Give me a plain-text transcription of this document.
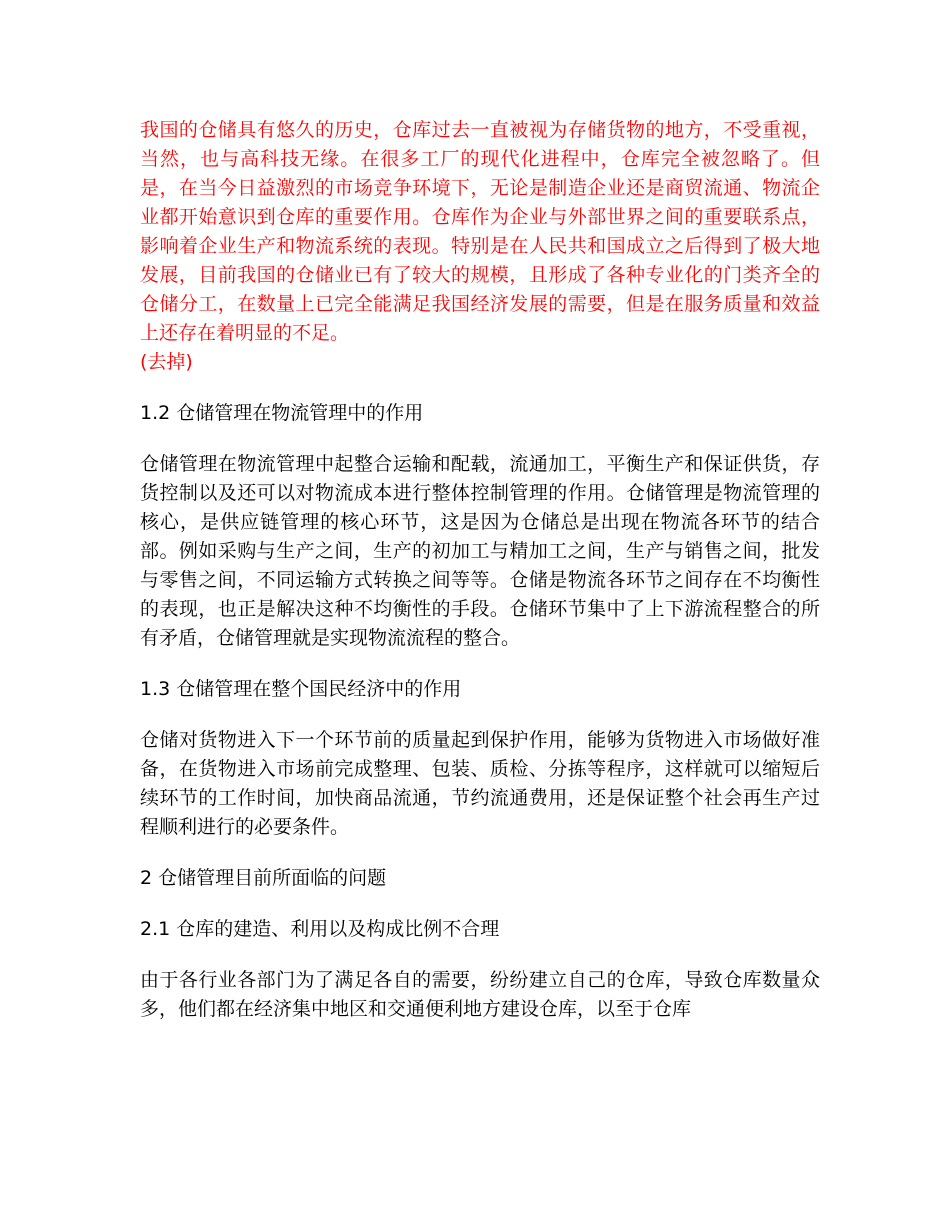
我国的仓储具有悠久的历史，仓库过去一直被视为存储货物的地方，不受重视，当然，也与高科技无缘。在很多工厂的现代化进程中，仓库完全被忽略了。但是，在当今日益激烈的市场竞争环境下，无论是制造企业还是商贸流通、物流企业都开始意识到仓库的重要作用。仓库作为企业与外部世界之间的重要联系点，影响着企业生产和物流系统的表现。特别是在人民共和国成立之后得到了极大地发展，目前我国的仓储业已有了较大的规模，且形成了各种专业化的门类齐全的仓储分工，在数量上已完全能满足我国经济发展的需要，但是在服务质量和效益上还存在着明显的不足。

(去掉)

1.2 仓储管理在物流管理中的作用

仓储管理在物流管理中起整合运输和配载，流通加工，平衡生产和保证供货，存货控制以及还可以对物流成本进行整体控制管理的作用。仓储管理是物流管理的核心，是供应链管理的核心环节，这是因为仓储总是出现在物流各环节的结合部。例如采购与生产之间，生产的初加工与精加工之间，生产与销售之间，批发与零售之间，不同运输方式转换之间等等。仓储是物流各环节之间存在不均衡性的表现，也正是解决这种不均衡性的手段。仓储环节集中了上下游流程整合的所有矛盾，仓储管理就是实现物流流程的整合。

1.3 仓储管理在整个国民经济中的作用

仓储对货物进入下一个环节前的质量起到保护作用，能够为货物进入市场做好准备，在货物进入市场前完成整理、包装、质检、分拣等程序，这样就可以缩短后续环节的工作时间，加快商品流通，节约流通费用，还是保证整个社会再生产过程顺利进行的必要条件。

2 仓储管理目前所面临的问题

2.1 仓库的建造、利用以及构成比例不合理

由于各行业各部门为了满足各自的需要，纷纷建立自己的仓库，导致仓库数量众多，他们都在经济集中地区和交通便利地方建设仓库，以至于仓库
